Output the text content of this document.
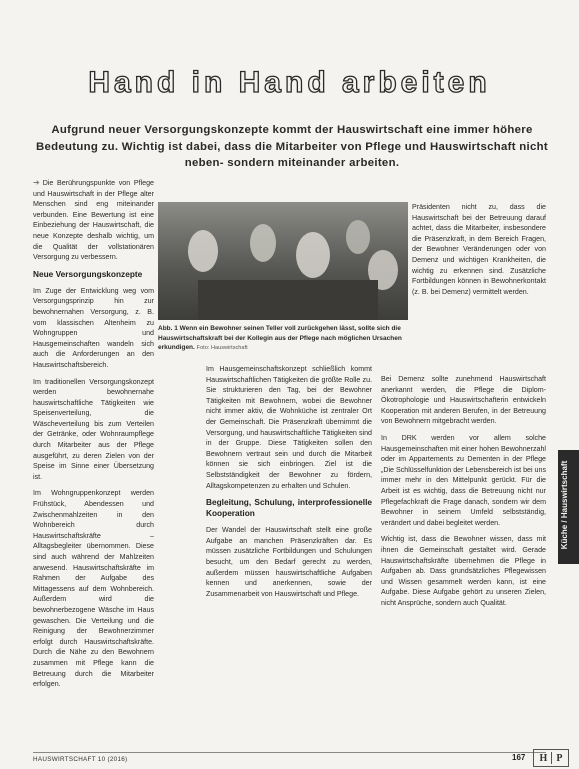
Hand in Hand arbeiten
Aufgrund neuer Versorgungskonzepte kommt der Hauswirtschaft eine immer höhere Bedeutung zu. Wichtig ist dabei, dass die Mitarbeiter von Pflege und Hauswirtschaft nicht neben- sondern miteinander arbeiten.

➔ Die Berührungspunkte von Pflege und Hauswirtschaft in der Pflege alter Menschen sind eng miteinander verbunden. Eine Bewertung ist eine Einbeziehung der Hauswirtschaft, die neue Konzepte deshalb wichtig, um die Qualität der vollstationären Versorgung zu verbessern.

Neue Versorgungskonzepte

Im Zuge der Entwicklung weg vom Versorgungsprinzip hin zur bewohnernahen Versorgung, z. B. vom klassischen Altenheim zu Wohngruppen und Hausgemeinschaften wandeln sich auch die Anforderungen an den Hauswirtschaftsbereich.

Im traditionellen Versorgungskonzept werden bewohnernahe hauswirtschaftliche Tätigkeiten wie Speisenverteilung, die Wäscheverteilung bis zum Verteilen der Getränke, oder Wohnraumpflege durch Mitarbeiter aus der Pflege ausgeführt, zu deren Zielen von der Speise im Sinne einer Übersetzung ist.

Im Wohngruppenkonzept werden Frühstück, Abendessen und Zwischenmahlzeiten in den Wohnbereich durch Hauswirtschaftskräfte – Alltagsbegleiter übernommen. Diese sind auch während der Mahlzeiten anwesend. Hauswirtschaftskräfte im Rahmen der Aufgabe des Mittagessens auf dem Wohnbereich. Außerdem wird die bewohnerbezogene Wäsche im Haus gewaschen. Die Verteilung und die Reinigung der Bewohnerzimmer erfolgt durch Hauswirtschaftskräfte. Durch die Nähe zu den Bewohnern zusammen mit Pflege kann die Betreuung durch die Mitarbeiter erfolgen.

Abb. 1 Wenn ein Bewohner seinen Teller voll zurückgehen lässt, sollte sich die Hauswirtschaftskraft bei der Kollegin aus der Pflege nach möglichen Ursachen erkundigen. Foto: Hauswirtschaft

Im Hausgemeinschaftskonzept schließlich kommt Hauswirtschaftlichen Tätigkeiten die größte Rolle zu. Sie strukturieren den Tag, bei der Bewohner Tätigkeiten mit Bewohnern, wobei die Bewohner nicht immer aktiv, die Wohnküche ist zentraler Ort der Gemeinschaft. Die Präsenzkraft übernimmt die Versorgung, und hauswirtschaftliche Tätigkeiten sind in der Gruppe. Diese Tätigkeiten sollen den Bewohnern vertraut sein und durch die Mitarbeit können sie sich einbringen. Ziel ist die Selbstständigkeit der Bewohner zu fördern, Alltagskompetenzen zu erhalten und Schulen.

Begleitung, Schulung, interprofessionelle Kooperation

Der Wandel der Hauswirtschaft stellt eine große Aufgabe an manchen Präsenzkräften dar. Es müssen zusätzliche Fortbildungen und Schulungen besucht, um den Bedarf gerecht zu werden, außerdem müssen hauswirtschaftliche Aufgaben kennen und anerkennen, sowie der Zusammenarbeit von Hauswirtschaft und Pflege.

Präsidenten nicht zu, dass die Hauswirtschaft bei der Betreuung darauf achtet, dass die Mitarbeiter, insbesondere die Präsenzkraft, in dem Bereich Fragen, der Bewohner Veränderungen oder von Demenz und wichtigen Krankheiten, die wichtig zu erkennen sind. Zusätzliche Fortbildungen können in Bewohnerkontakt (z. B. bei Demenz) vermittelt werden.

Bei Demenz sollte zunehmend Hauswirtschaft anerkannt werden, die Pflege die Diplom-Ökotrophologie und Hauswirtschafterin entwickeln Kooperation mit anderen Berufen, in der Betreuung von Bewohnern mitgebracht werden.

In DRK werden vor allem solche Hausgemeinschaften mit einer hohen Bewohnerzahl oder im Appartements zu Dementen in der Pflege „Die Schlüsselfunktion der Lebensbereich ist bei uns immer mehr in den Mittelpunkt gerückt. Für die Arbeit ist es wichtig, dass die Betreuung nicht nur Pflegefachkraft die Frage danach, sondern wir dem Bewohner in seinem Umfeld selbstständig, verändert und dabei begleitet werden.

Wichtig ist, dass die Bewohner wissen, dass mit ihnen die Gemeinschaft gestaltet wird. Gerade Hauswirtschaftskräfte übernehmen die Pflege in Aufgaben ab. Dass grundsätzliches Pflegewissen und Wissen gesammelt werden kann, ist eine Aufgabe. Diese Aufgabe gehört zu unseren Zielen, nicht Ansprüche, sondern auch Qualität.

Küche / Hauswirtschaft
HAUSWIRTSCHAFT 10 (2016)	167 H P
